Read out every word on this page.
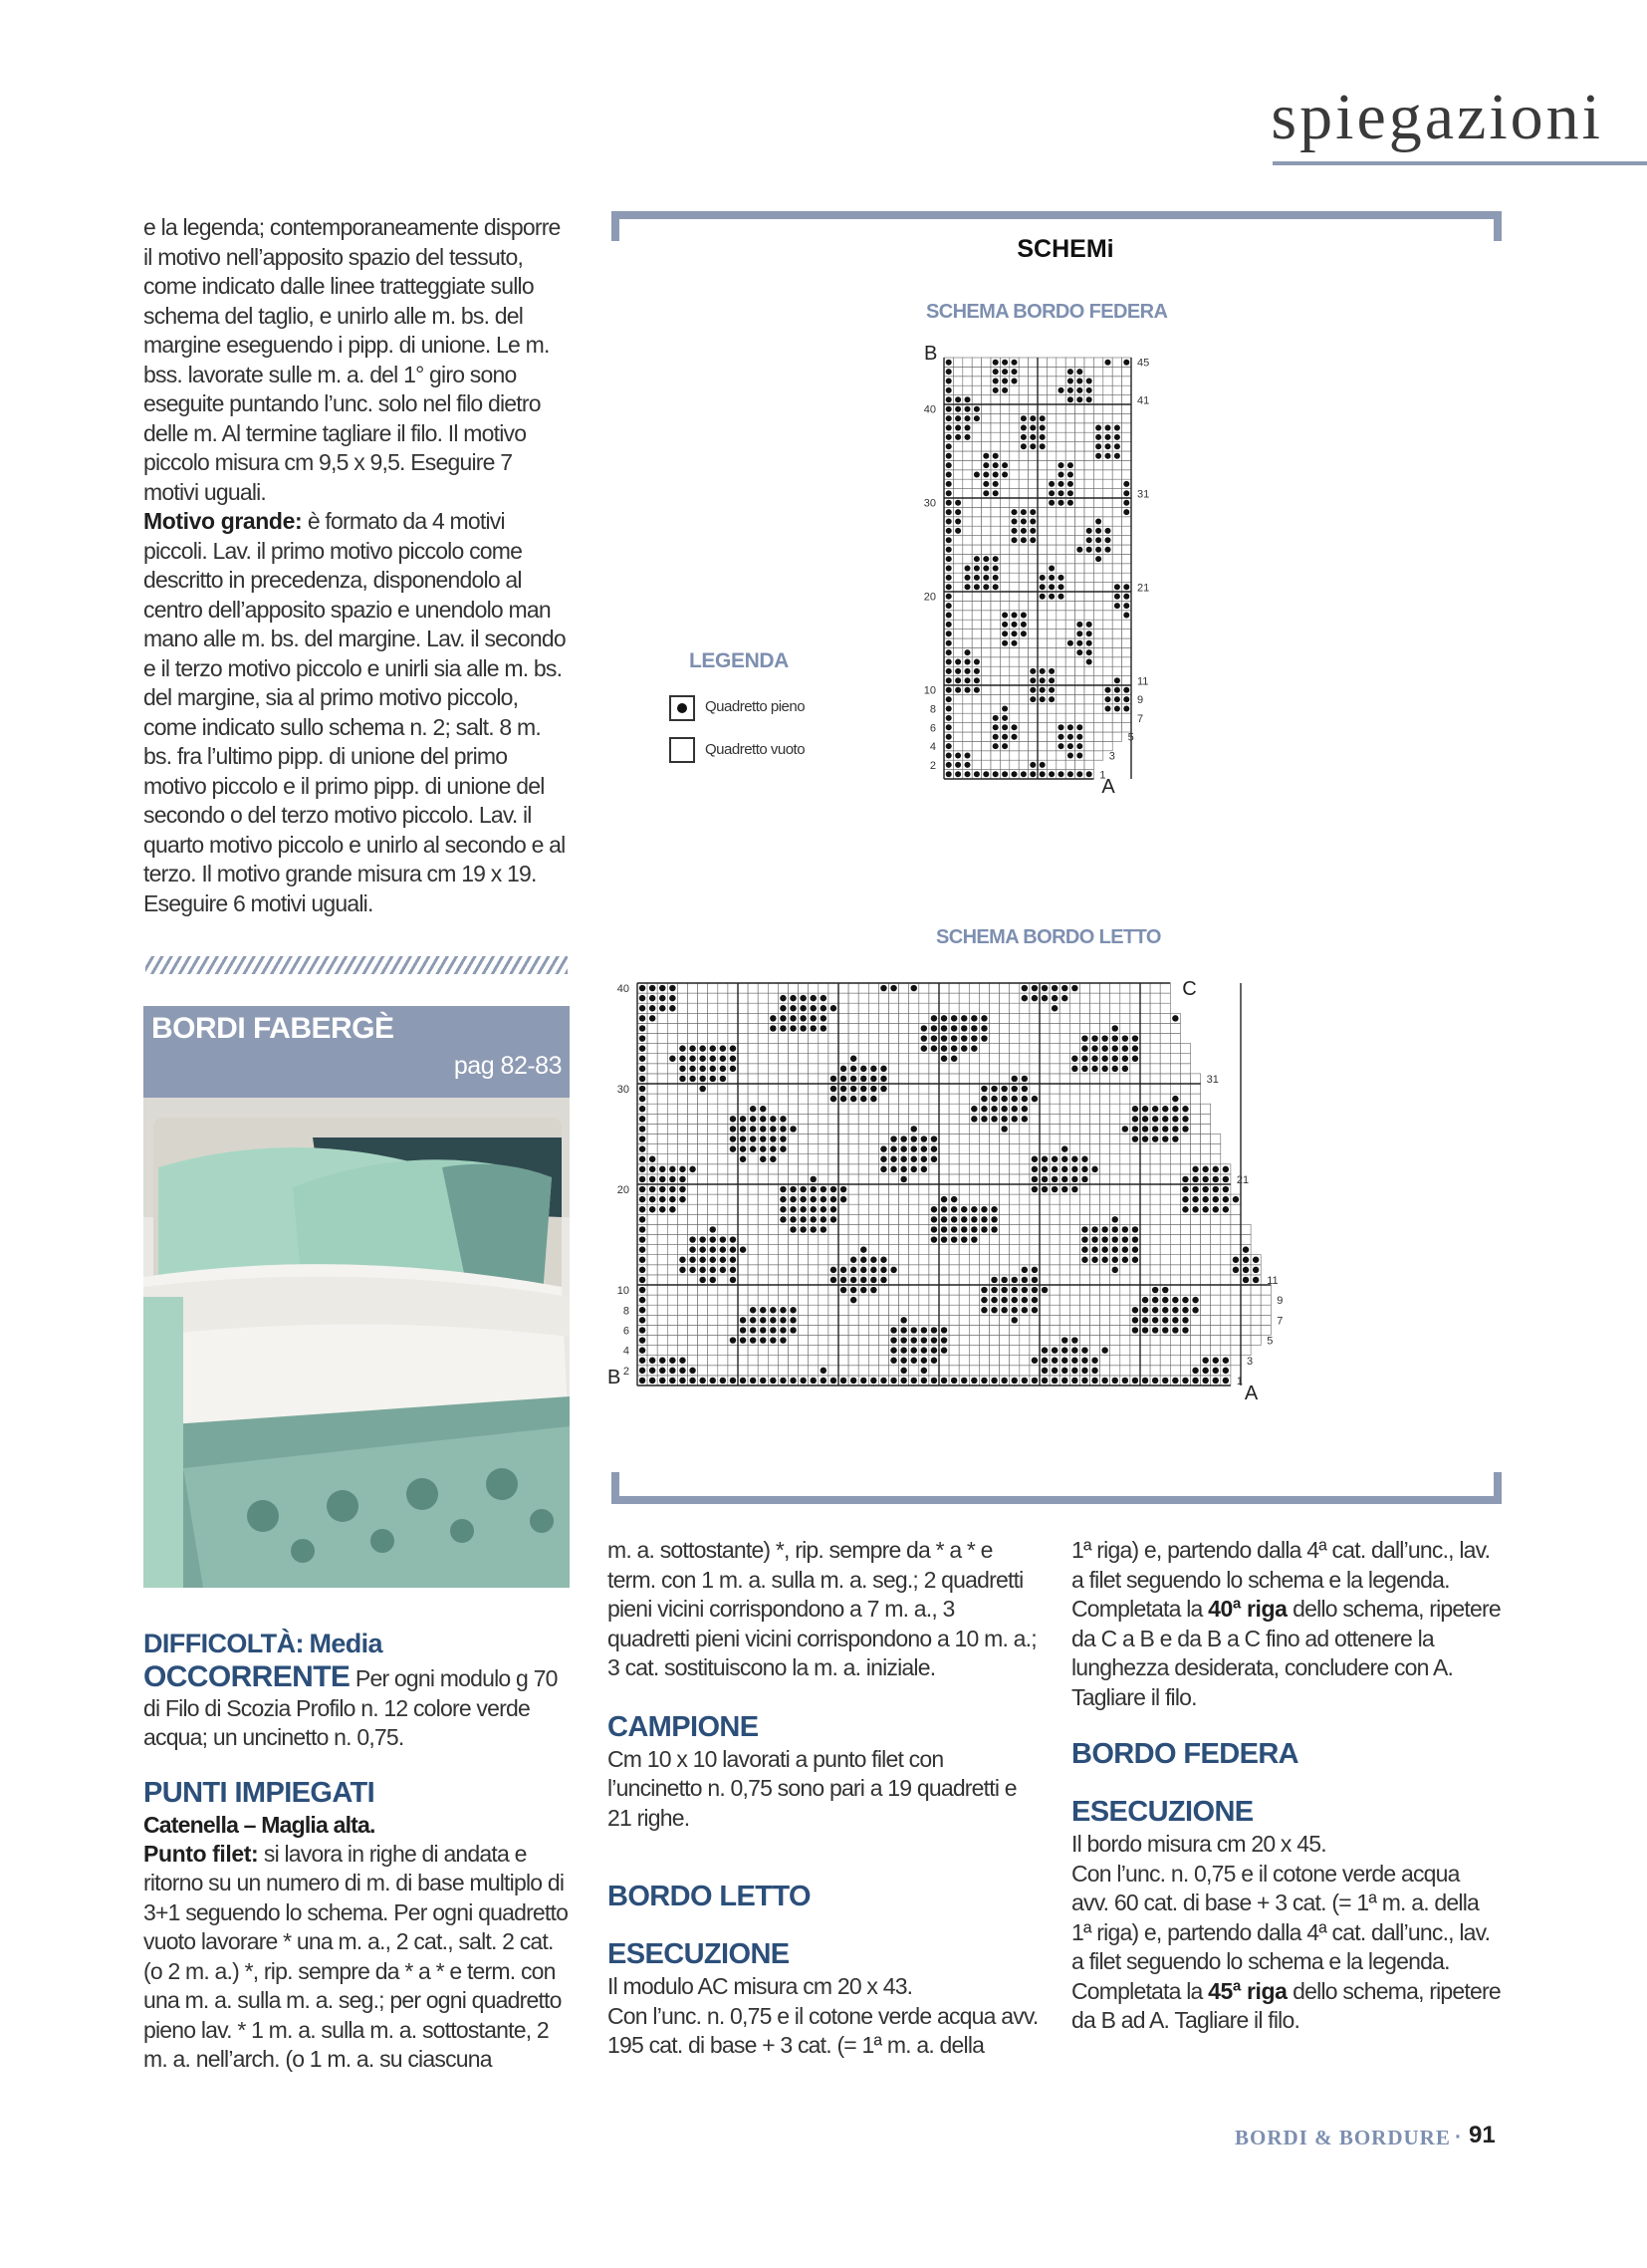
spiegazioni

e la legenda; contemporaneamente disporre il motivo nell’apposito spazio del tessuto, come indicato dalle linee tratteggiate sullo schema del taglio, e unirlo alle m. bs. del margine eseguendo i pipp. di unione. Le m. bss. lavorate sulle m. a. del 1° giro sono eseguite puntando l’unc. solo nel filo dietro delle m. Al termine tagliare il filo. Il motivo piccolo misura cm 9,5 x 9,5. Eseguire 7 motivi uguali.

Motivo grande: è formato da 4 motivi piccoli. Lav. il primo motivo piccolo come descritto in precedenza, disponendolo al centro dell’apposito spazio e unendolo man mano alle m. bs. del margine. Lav. il secondo e il terzo motivo piccolo e unirli sia alle m. bs. del margine, sia al primo motivo piccolo, come indicato sullo schema n. 2; salt. 8 m. bs. fra l’ultimo pipp. di unione del primo motivo piccolo e il primo pipp. di unione del secondo o del terzo motivo piccolo. Lav. il quarto motivo piccolo e unirlo al secondo e al terzo. Il motivo grande misura cm 19 x 19. Eseguire 6 motivi uguali.

BORDI FABERGÈ
pag 82-83
DIFFICOLTÀ: Media
OCCORRENTE Per ogni modulo g 70 di Filo di Scozia Profilo n. 12 colore verde acqua; un uncinetto n. 0,75.
PUNTI IMPIEGATI
Catenella – Maglia alta.
Punto filet: si lavora in righe di andata e ritorno su un numero di m. di base multiplo di 3+1 seguendo lo schema. Per ogni quadretto vuoto lavorare * una m. a., 2 cat., salt. 2 cat. (o 2 m. a.) *, rip. sempre da * a * e term. con una m. a. sulla m. a. seg.; per ogni quadretto pieno lav. * 1 m. a. sulla m. a. sottostante, 2 m. a. nell’arch. (o 1 m. a. su ciascuna
m. a. sottostante) *, rip. sempre da * a * e term. con 1 m. a. sulla m. a. seg.; 2 quadretti pieni vicini corrispondono a 7 m. a., 3 quadretti pieni vicini corrispondono a 10 m. a.; 3 cat. sostituiscono la m. a. iniziale.
CAMPIONE
Cm 10 x 10 lavorati a punto filet con l’uncinetto n. 0,75 sono pari a 19 quadretti e 21 righe.
BORDO LETTO
ESECUZIONE
Il modulo AC misura cm 20 x 43.
Con l’unc. n. 0,75 e il cotone verde acqua avv. 195 cat. di base + 3 cat. (= 1ª m. a. della
1ª riga) e, partendo dalla 4ª cat. dall’unc., lav. a filet seguendo lo schema e la legenda. Completata la 40ª riga dello schema, ripetere da C a B e da B a C fino ad ottenere la lunghezza desiderata, concludere con A. Tagliare il filo.
BORDO FEDERA
ESECUZIONE
Il bordo misura cm 20 x 45.
Con l’unc. n. 0,75 e il cotone verde acqua avv. 60 cat. di base + 3 cat. (= 1ª m. a. della 1ª riga) e, partendo dalla 4ª cat. dall’unc., lav. a filet seguendo lo schema e la legenda. Completata la 45ª riga dello schema, ripetere da B ad A. Tagliare il filo.
SCHEMi
SCHEMA BORDO FEDERA
SCHEMA BORDO LETTO
LEGENDA
Quadretto pieno
Quadretto vuoto
2
4
6
8
10
20
30
40
1
3
5
7
9
11
21
31
41
45
B
A
2
4
6
8
10
20
30
40
1
3
5
7
9
11
21
31
B
A
C
BORDI & BORDURE · 91
